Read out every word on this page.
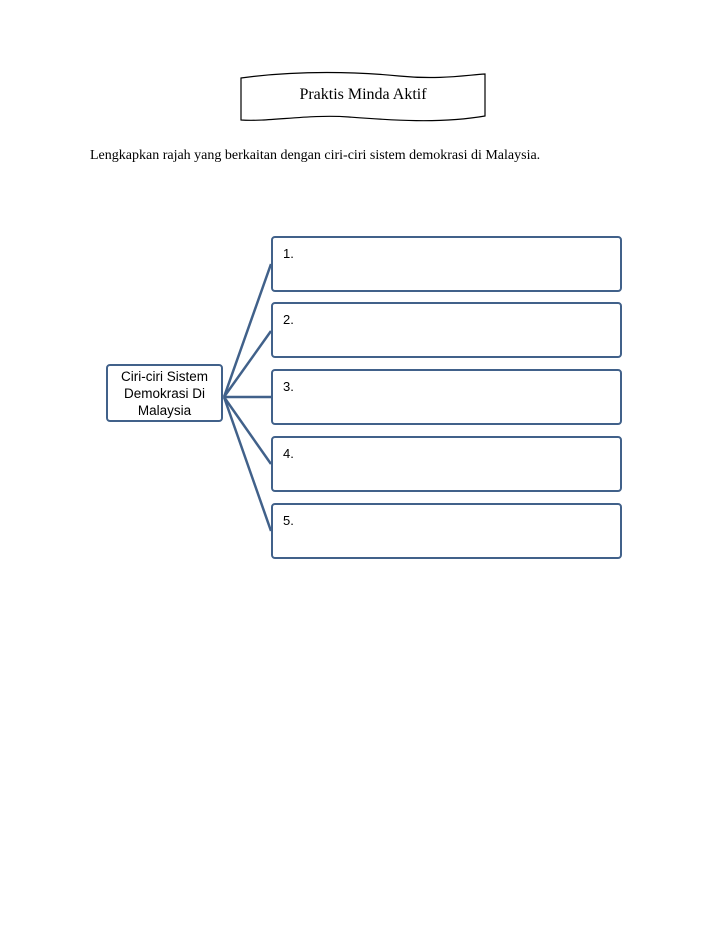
Praktis Minda Aktif
Lengkapkan rajah yang berkaitan dengan ciri-ciri sistem demokrasi di Malaysia.
Ciri-ciri Sistem Demokrasi Di Malaysia
1.
2.
3.
4.
5.
